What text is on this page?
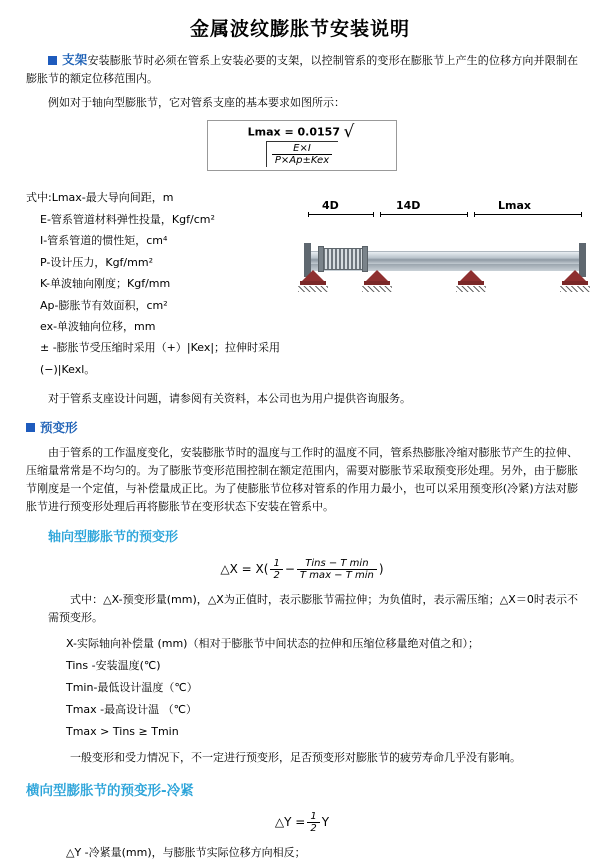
金属波纹膨胀节安装说明

支架安装膨胀节时必须在管系上安装必要的支架，以控制管系的变形在膨胀节上产生的位移方向并限制在膨胀节的额定位移范围内。

例如对于轴向型膨胀节，它对管系支座的基本要求如图所示：

Lmax = 0.0157 √
$\frac{E\times I}{\text{P×Ap±Kex}}$
式中:Lmax-最大导向间距，m
E-管系管道材料弹性投量，Kgf/cm²
I-管系管道的惯性矩，cm⁴
P-设计压力，Kgf/mm²
K-单波轴向刚度；Kgf/mm
Ap-膨胀节有效面积，cm²
ex-单波轴向位移，mm
± -膨胀节受压缩时采用（+）|Kex|；拉伸时采用(−)|Kexl。
4D	14D	Lmax

对于管系支座设计问题，请参阅有关资料，本公司也为用户提供咨询服务。

预变形

由于管系的工作温度变化，安装膨胀节时的温度与工作时的温度不同，管系热膨胀冷缩对膨胀节产生的拉伸、压缩量常常是不均匀的。为了膨胀节变形范围控制在额定范围内，需要对膨胀节采取预变形处理。另外，由于膨胀节刚度是一个定值，与补偿量成正比。为了使膨胀节位移对管系的作用力最小，也可以采用预变形(冷紧)方法对膨胀节进行预变形处理后再将膨胀节在变形状态下安装在管系中。

轴向型膨胀节的预变形
△X = $X( \frac{1}{2} - \frac{\text{Tins − T min}}{\text{T max − T min}}$ )

式中：△X-预变形量(mm)，△X为正值时，表示膨胀节需拉伸；为负值时，表示需压缩；△X＝0时表示不需预变形。

X-实际轴向补偿量 (mm)（相对于膨胀节中间状态的拉伸和压缩位移量绝对值之和）；
Tins -安装温度(℃)
Tmin-最低设计温度（℃）
Tmax -最高设计温 （℃）
Tmax > Tins ≥ Tmin

一般变形和受力情况下，不一定进行预变形，足否预变形对膨胀节的疲劳寿命几乎没有影响。

横向型膨胀节的预变形-冷紧
△Y = $\frac{1}{2}$ Y

△Y -冷紧量(mm)，与膨胀节实际位移方向相反；
